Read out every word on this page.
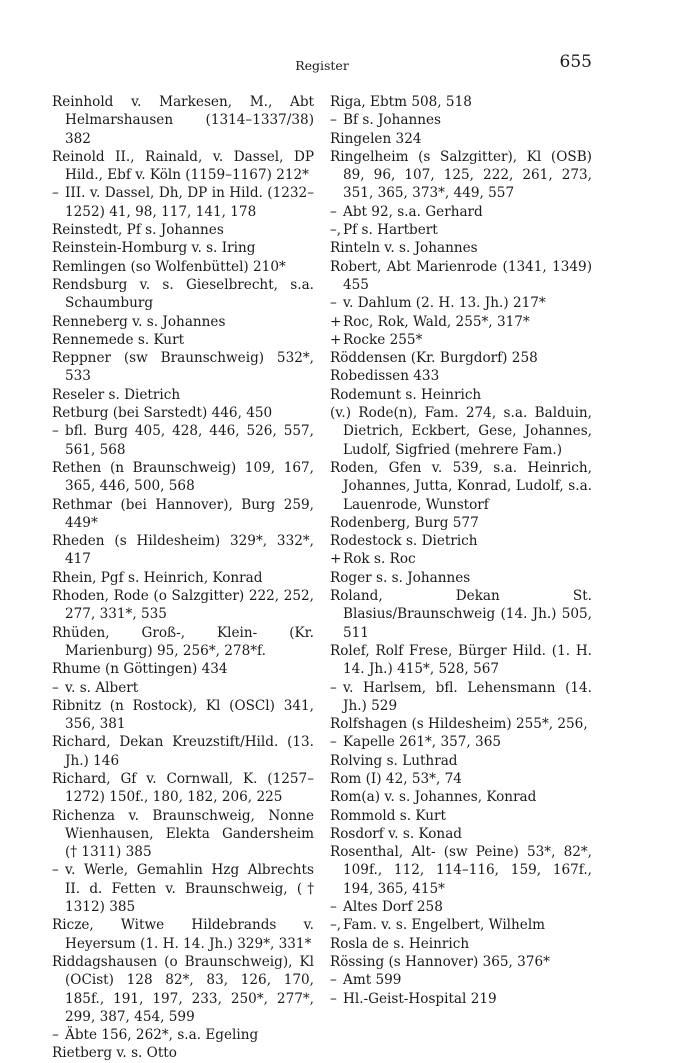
Register	655
Reinhold v. Markesen, M., Abt Helmarshausen (1314–1337/38) 382
Reinold II., Rainald, v. Dassel, DP Hild., Ebf v. Köln (1159–1167) 212*
– III. v. Dassel, Dh, DP in Hild. (1232–1252) 41, 98, 117, 141, 178
Reinstedt, Pf s. Johannes
Reinstein-Homburg v. s. Iring
Remlingen (so Wolfenbüttel) 210*
Rendsburg v. s. Gieselbrecht, s.a. Schaumburg
Renneberg v. s. Johannes
Rennemede s. Kurt
Reppner (sw Braunschweig) 532*, 533
Reseler s. Dietrich
Retburg (bei Sarstedt) 446, 450
– bfl. Burg 405, 428, 446, 526, 557, 561, 568
Rethen (n Braunschweig) 109, 167, 365, 446, 500, 568
Rethmar (bei Hannover), Burg 259, 449*
Rheden (s Hildesheim) 329*, 332*, 417
Rhein, Pgf s. Heinrich, Konrad
Rhoden, Rode (o Salzgitter) 222, 252, 277, 331*, 535
Rhüden, Groß-, Klein- (Kr. Marienburg) 95, 256*, 278*f.
Rhume (n Göttingen) 434
– v. s. Albert
Ribnitz (n Rostock), Kl (OSCl) 341, 356, 381
Richard, Dekan Kreuzstift/Hild. (13. Jh.) 146
Richard, Gf v. Cornwall, K. (1257–1272) 150f., 180, 182, 206, 225
Richenza v. Braunschweig, Nonne Wienhausen, Elekta Gandersheim († 1311) 385
– v. Werle, Gemahlin Hzg Albrechts II. d. Fetten v. Braunschweig, († 1312) 385
Ricze, Witwe Hildebrands v. Heyersum (1. H. 14. Jh.) 329*, 331*
Riddagshausen (o Braunschweig), Kl (OCist) 128 82*, 83, 126, 170, 185f., 191, 197, 233, 250*, 277*, 299, 387, 454, 599
– Äbte 156, 262*, s.a. Egeling
Rietberg v. s. Otto
Riga, Ebtm 508, 518
– Bf s. Johannes
Ringelen 324
Ringelheim (s Salzgitter), Kl (OSB) 89, 96, 107, 125, 222, 261, 273, 351, 365, 373*, 449, 557
– Abt 92, s.a. Gerhard
–, Pf s. Hartbert
Rinteln v. s. Johannes
Robert, Abt Marienrode (1341, 1349) 455
– v. Dahlum (2. H. 13. Jh.) 217*
+ Roc, Rok, Wald, 255*, 317*
+ Rocke 255*
Röddensen (Kr. Burgdorf) 258
Robedissen 433
Rodemunt s. Heinrich
(v.) Rode(n), Fam. 274, s.a. Balduin, Dietrich, Eckbert, Gese, Johannes, Ludolf, Sigfried (mehrere Fam.)
Roden, Gfen v. 539, s.a. Heinrich, Johannes, Jutta, Konrad, Ludolf, s.a. Lauenrode, Wunstorf
Rodenberg, Burg 577
Rodestock s. Dietrich
+ Rok s. Roc
Roger s. s. Johannes
Roland, Dekan St. Blasius/Braunschweig (14. Jh.) 505, 511
Rolef, Rolf Frese, Bürger Hild. (1. H. 14. Jh.) 415*, 528, 567
– v. Harlsem, bfl. Lehensmann (14. Jh.) 529
Rolfshagen (s Hildesheim) 255*, 256,
– Kapelle 261*, 357, 365
Rolving s. Luthrad
Rom (I) 42, 53*, 74
Rom(a) v. s. Johannes, Konrad
Rommold s. Kurt
Rosdorf v. s. Konad
Rosenthal, Alt- (sw Peine) 53*, 82*, 109f., 112, 114–116, 159, 167f., 194, 365, 415*
– Altes Dorf 258
–, Fam. v. s. Engelbert, Wilhelm
Rosla de s. Heinrich
Rössing (s Hannover) 365, 376*
– Amt 599
– Hl.-Geist-Hospital 219
